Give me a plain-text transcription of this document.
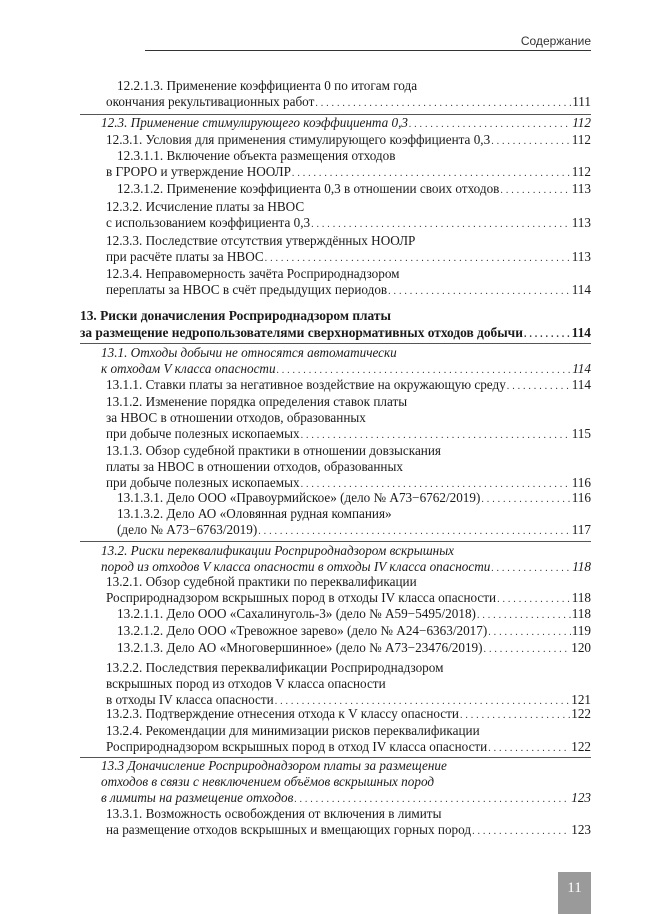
Содержание
12.2.1.3. Применение коэффициента 0 по итогам года
окончания рекультивационных работ . . .	111
12.3. Применение стимулирующего коэффициента 0,3 . . .	112
12.3.1. Условия для применения стимулирующего коэффициента 0,3 . . .	112
12.3.1.1. Включение объекта размещения отходов
в ГРОРО и утверждение НООЛР . . .	112
12.3.1.2. Применение коэффициента 0,3 в отношении своих отходов . . .	113
12.3.2. Исчисление платы за НВОС
с использованием коэффициента 0,3 . . .	113
12.3.3. Последствие отсутствия утверждённых НООЛР
при расчёте платы за НВОС . . .	113
12.3.4. Неправомерность зачёта Росприроднадзором
переплаты за НВОС в счёт предыдущих периодов . . .	114
13. Риски доначисления Росприроднадзором платы
за размещение недропользователями сверхнормативных отходов добычи . . .	114
13.1. Отходы добычи не относятся автоматически
к отходам V класса опасности . . .	114
13.1.1. Ставки платы за негативное воздействие на окружающую среду . . .	114
13.1.2. Изменение порядка определения ставок платы
за НВОС в отношении отходов, образованных
при добыче полезных ископаемых . . .	115
13.1.3. Обзор судебной практики в отношении довзыскания
платы за НВОС в отношении отходов, образованных
при добыче полезных ископаемых . . .	116
13.1.3.1. Дело ООО «Правоурмийское» (дело № А73−6762/2019) . . .	116
13.1.3.2. Дело АО «Оловянная рудная компания»
(дело № А73−6763/2019) . . .	117
13.2. Риски переквалификации Росприроднадзором вскрышных
пород из отходов V класса опасности в отходы IV класса опасности . . .	118
13.2.1. Обзор судебной практики по переквалификации
Росприроднадзором вскрышных пород в отходы IV класса опасности . . .	118
13.2.1.1. Дело ООО «Сахалинуголь-3» (дело № А59−5495/2018) . . .	118
13.2.1.2. Дело ООО «Тревожное зарево» (дело № А24−6363/2017) . . .	119
13.2.1.3. Дело АО «Многовершинное» (дело № А73−23476/2019) . . .	120
13.2.2. Последствия переквалификации Росприроднадзором
вскрышных пород из отходов V класса опасности
в отходы IV класса опасности . . .	121
13.2.3. Подтверждение отнесения отхода к V классу опасности . . .	122
13.2.4. Рекомендации для минимизации рисков переквалификации
Росприроднадзором вскрышных пород в отход IV класса опасности . . .	122
13.3 Доначисление Росприроднадзором платы за размещение
отходов в связи с невключением объёмов вскрышных пород
в лимиты на размещение отходов . . .	123
13.3.1. Возможность освобождения от включения в лимиты
на размещение отходов вскрышных и вмещающих горных пород . . .	123
11
